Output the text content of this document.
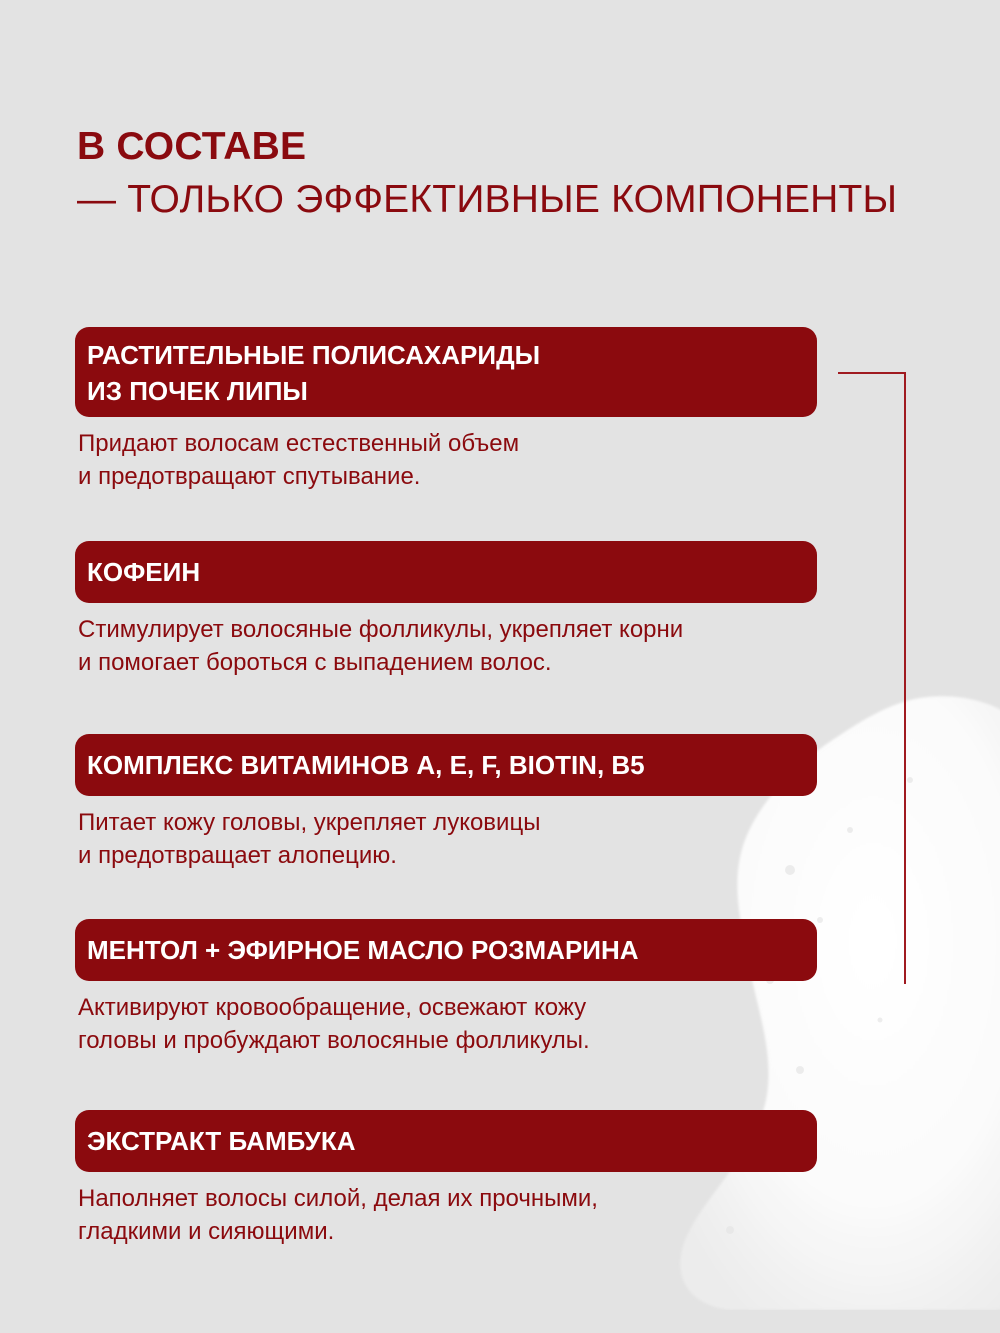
В СОСТАВЕ
— ТОЛЬКО ЭФФЕКТИВНЫЕ КОМПОНЕНТЫ
РАСТИТЕЛЬНЫЕ ПОЛИСАХАРИДЫ
ИЗ ПОЧЕК ЛИПЫ
Придают волосам естественный объем
и предотвращают спутывание.
КОФЕИН
Стимулирует волосяные фолликулы, укрепляет корни
и помогает бороться с выпадением волос.
КОМПЛЕКС ВИТАМИНОВ A, E, F, BIOTIN, B5
Питает кожу головы, укрепляет луковицы
и предотвращает алопецию.
МЕНТОЛ + ЭФИРНОЕ МАСЛО РОЗМАРИНА
Активируют кровообращение, освежают кожу
головы и пробуждают волосяные фолликулы.
ЭКСТРАКТ БАМБУКА
Наполняет волосы силой, делая их прочными,
гладкими и сияющими.
